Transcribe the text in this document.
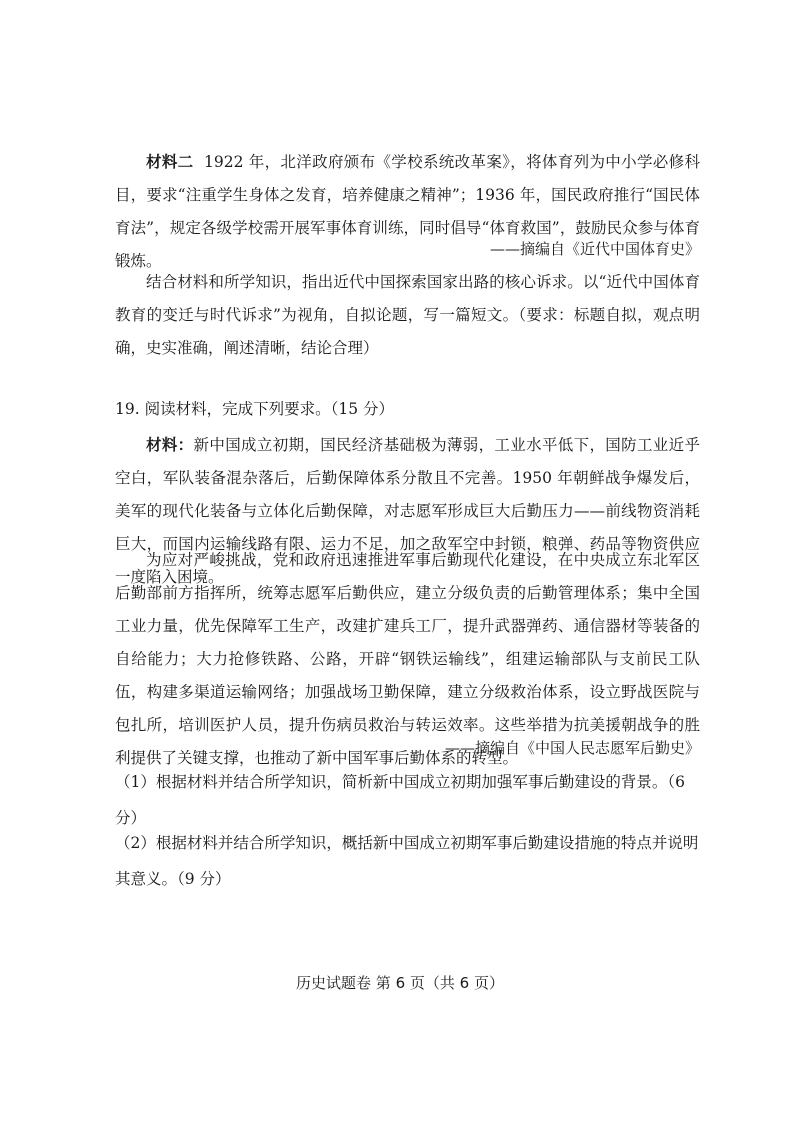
材料二 1922 年，北洋政府颁布《学校系统改革案》，将体育列为中小学必修科目，要求“注重学生身体之发育，培养健康之精神”；1936 年，国民政府推行“国民体育法”，规定各级学校需开展军事体育训练，同时倡导“体育救国”，鼓励民众参与体育锻炼。

——摘编自《近代中国体育史》

结合材料和所学知识，指出近代中国探索国家出路的核心诉求。以“近代中国体育教育的变迁与时代诉求”为视角，自拟论题，写一篇短文。（要求：标题自拟，观点明确，史实准确，阐述清晰，结论合理）

19. 阅读材料，完成下列要求。（15 分）

材料：新中国成立初期，国民经济基础极为薄弱，工业水平低下，国防工业近乎空白，军队装备混杂落后，后勤保障体系分散且不完善。1950 年朝鲜战争爆发后，美军的现代化装备与立体化后勤保障，对志愿军形成巨大后勤压力——前线物资消耗巨大，而国内运输线路有限、运力不足，加之敌军空中封锁，粮弹、药品等物资供应一度陷入困境。

为应对严峻挑战，党和政府迅速推进军事后勤现代化建设，在中央成立东北军区后勤部前方指挥所，统筹志愿军后勤供应，建立分级负责的后勤管理体系；集中全国工业力量，优先保障军工生产，改建扩建兵工厂，提升武器弹药、通信器材等装备的自给能力；大力抢修铁路、公路，开辟“钢铁运输线”，组建运输部队与支前民工队伍，构建多渠道运输网络；加强战场卫勤保障，建立分级救治体系，设立野战医院与包扎所，培训医护人员，提升伤病员救治与转运效率。这些举措为抗美援朝战争的胜利提供了关键支撑，也推动了新中国军事后勤体系的转型。

——摘编自《中国人民志愿军后勤史》

（1）根据材料并结合所学知识，简析新中国成立初期加强军事后勤建设的背景。（6 分）

（2）根据材料并结合所学知识，概括新中国成立初期军事后勤建设措施的特点并说明其意义。（9 分）

历史试题卷 第 6 页（共 6 页）
